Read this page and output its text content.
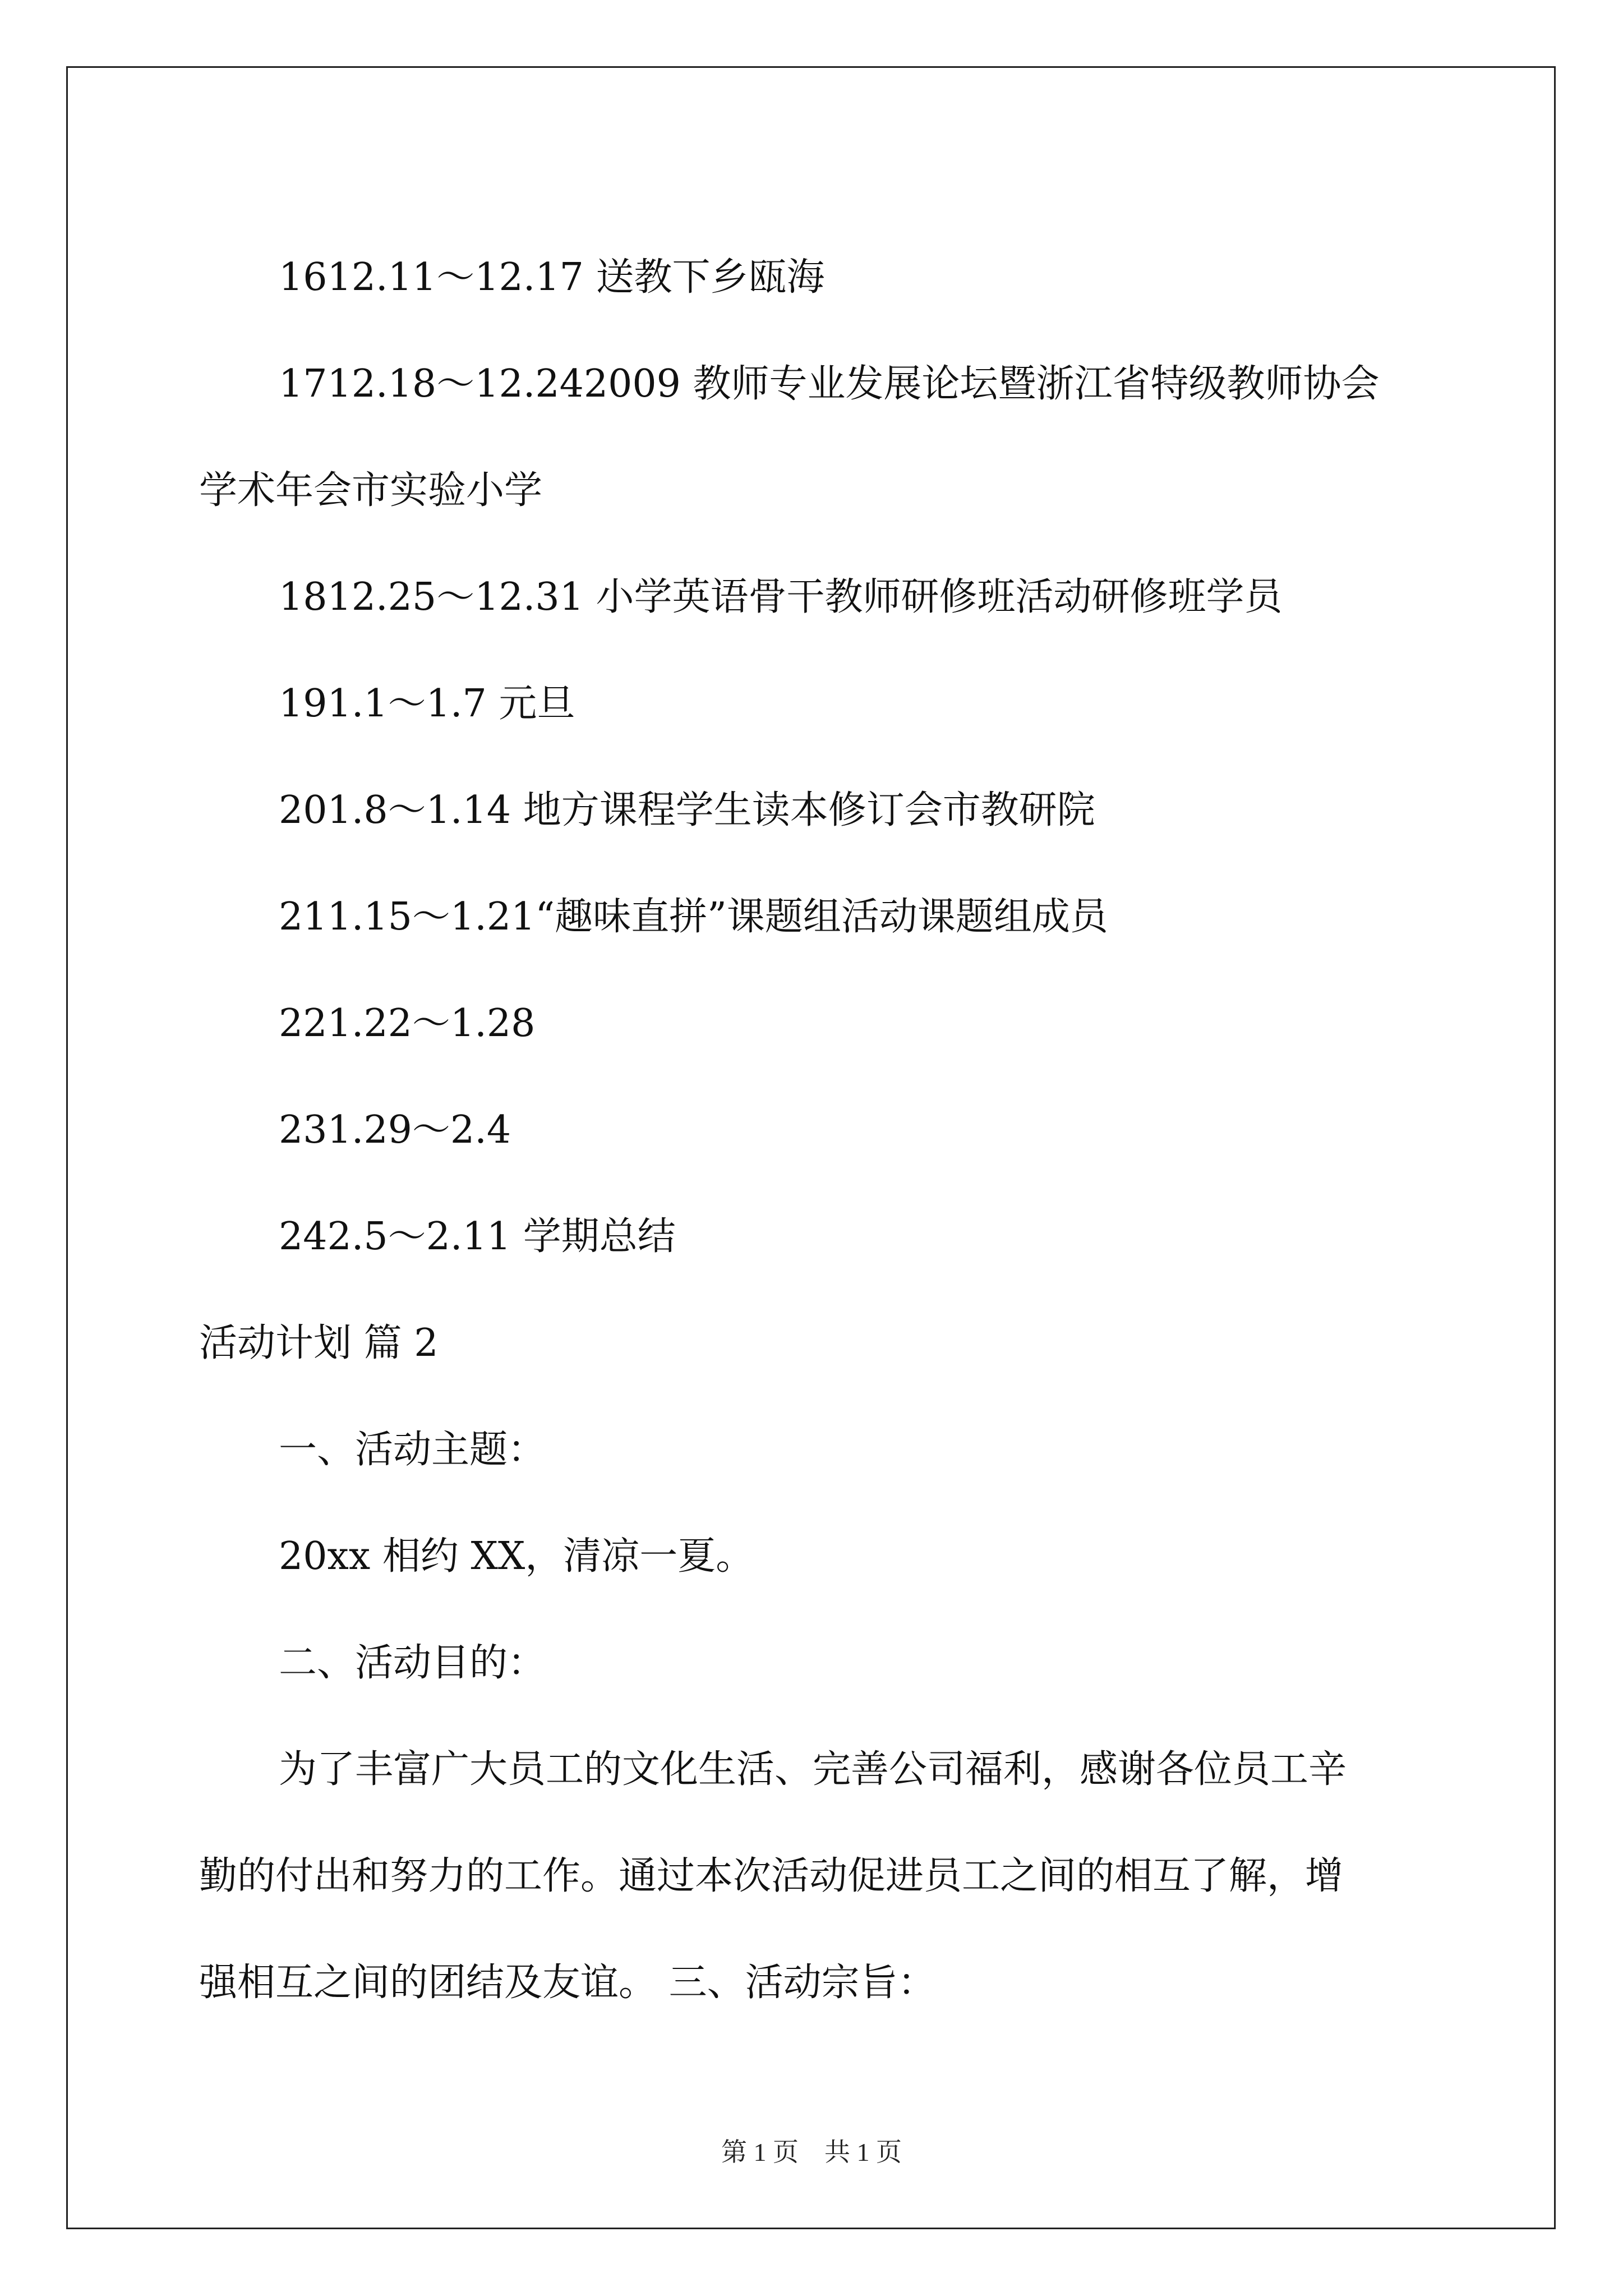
1612.11～12.17 送教下乡瓯海

1712.18～12.242009 教师专业发展论坛暨浙江省特级教师协会

学术年会市实验小学

1812.25～12.31 小学英语骨干教师研修班活动研修班学员

191.1～1.7 元旦

201.8～1.14 地方课程学生读本修订会市教研院

211.15～1.21“趣味直拼”课题组活动课题组成员

221.22～1.28

231.29～2.4

242.5～2.11 学期总结

活动计划 篇 2

一、活动主题：

20xx 相约 XX，清凉一夏。

二、活动目的：

为了丰富广大员工的文化生活、完善公司福利，感谢各位员工辛

勤的付出和努力的工作。通过本次活动促进员工之间的相互了解，增

强相互之间的团结及友谊。 三、活动宗旨：

第 1 页    共 1 页
